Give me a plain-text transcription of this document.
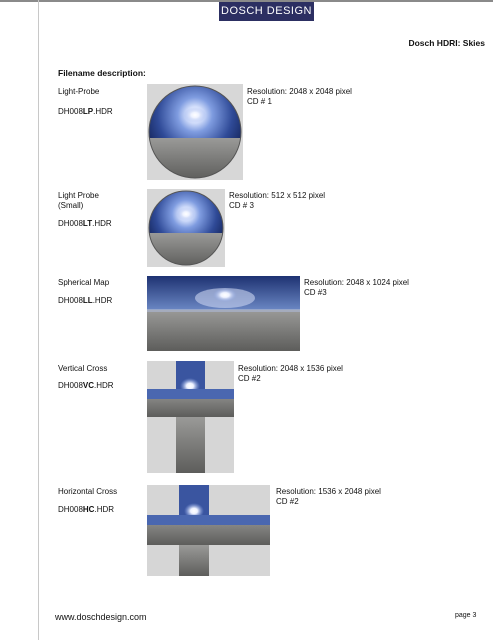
DOSCH DESIGN
Dosch HDRI: Skies
Filename description:
Light-Probe
DH008LP.HDR
Resolution: 2048 x 2048 pixel
CD # 1
Light Probe
(Small)
DH008LT.HDR
Resolution: 512 x 512 pixel
CD # 3
Spherical Map
DH008LL.HDR
Resolution: 2048 x 1024 pixel
CD #3
Vertical Cross
DH008VC.HDR
Resolution: 2048 x 1536 pixel
CD #2
Horizontal Cross
DH008HC.HDR
Resolution: 1536 x 2048 pixel
CD #2
www.doschdesign.com	page 3
